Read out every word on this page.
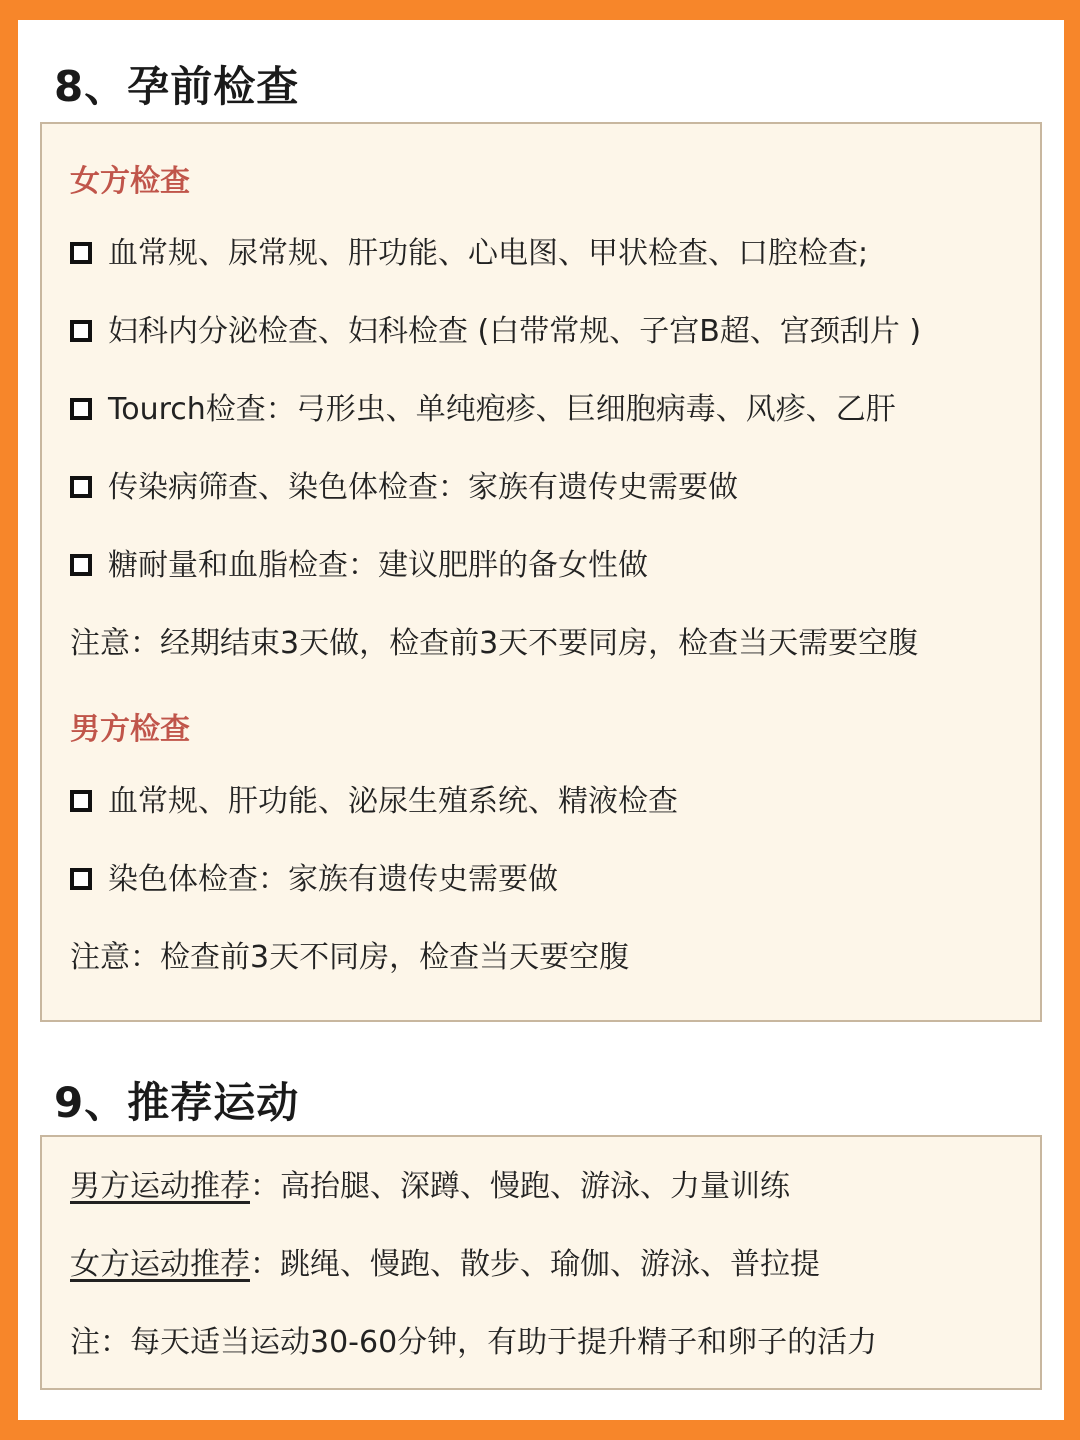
8、孕前检查
女方检查
血常规、尿常规、肝功能、心电图、甲状检查、口腔检查;
妇科内分泌检查、妇科检查 (白带常规、子宫B超、宫颈刮片 )
Tourch检查：弓形虫、单纯疱疹、巨细胞病毒、风疹、乙肝
传染病筛查、染色体检查：家族有遗传史需要做
糖耐量和血脂检查：建议肥胖的备女性做
注意：经期结束3天做，检查前3天不要同房，检查当天需要空腹
男方检查
血常规、肝功能、泌尿生殖系统、精液检查
染色体检查：家族有遗传史需要做
注意：检查前3天不同房，检查当天要空腹
9、推荐运动
男方运动推荐：高抬腿、深蹲、慢跑、游泳、力量训练
女方运动推荐：跳绳、慢跑、散步、瑜伽、游泳、普拉提
注：每天适当运动30-60分钟，有助于提升精子和卵子的活力
